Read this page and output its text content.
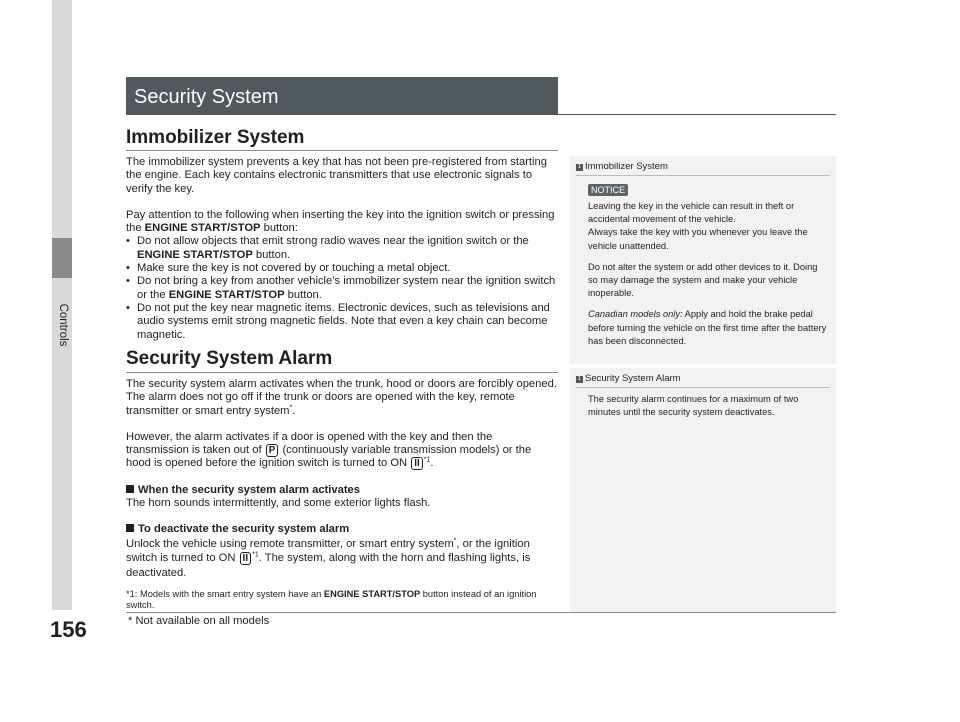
Controls
156
Security System
Immobilizer System

The immobilizer system prevents a key that has not been pre-registered from starting the engine. Each key contains electronic transmitters that use electronic signals to verify the key.

Pay attention to the following when inserting the key into the ignition switch or pressing the ENGINE START/STOP button:

• Do not allow objects that emit strong radio waves near the ignition switch or the ENGINE START/STOP button.

• Make sure the key is not covered by or touching a metal object.

• Do not bring a key from another vehicle’s immobilizer system near the ignition switch or the ENGINE START/STOP button.

• Do not put the key near magnetic items. Electronic devices, such as televisions and audio systems emit strong magnetic fields. Note that even a key chain can become magnetic.

Security System Alarm

The security system alarm activates when the trunk, hood or doors are forcibly opened. The alarm does not go off if the trunk or doors are opened with the key, remote transmitter or smart entry system*.

However, the alarm activates if a door is opened with the key and then the transmission is taken out of P (continuously variable transmission models) or the hood is opened before the ignition switch is turned to ON II $^{*1}$.

When the security system alarm activates

The horn sounds intermittently, and some exterior lights flash.

To deactivate the security system alarm

Unlock the vehicle using remote transmitter, or smart entry system*, or the ignition switch is turned to ON II $^{*1}$. The system, along with the horn and flashing lights, is deactivated.

*1: Models with the smart entry system have an ENGINE START/STOP button instead of an ignition switch.
* Not available on all models
1 Immobilizer System
NOTICE

Leaving the key in the vehicle can result in theft or accidental movement of the vehicle.

Always take the key with you whenever you leave the vehicle unattended.

Do not alter the system or add other devices to it. Doing so may damage the system and make your vehicle inoperable.

Canadian models only: Apply and hold the brake pedal before turning the vehicle on the first time after the battery has been disconnected.

1 Security System Alarm

The security alarm continues for a maximum of two minutes until the security system deactivates.
